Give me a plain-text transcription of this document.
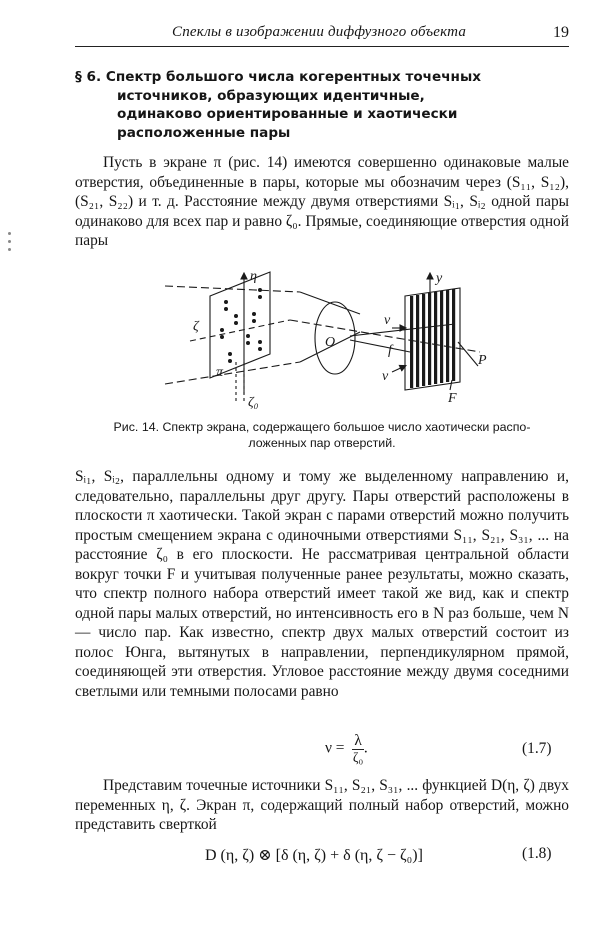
Спеклы в изображении диффузного объекта	19
§ 6. Спектр большого числа когерентных точечных

источников, образующих идентичные,
одинаково ориентированные и хаотически
расположенные пары
Пусть в экране π (рис. 14) имеются совершенно одинаковые малые отверстия, объединенные в пары, которые мы обозначим через (S₁₁, S₁₂), (S₂₁, S₂₂) и т. д. Расстояние между двумя отверстиями Sᵢ₁, Sᵢ₂ одной пары одинаково для всех пар и равно ζ₀. Прямые, соединяющие отверстия одной пары
η
ζ
π
ζ₀
O
f
ν
ν
y
P
F
Рис. 14. Спектр экрана, содержащего большое число хаотически распо-
ложенных пар отверстий.
Sᵢ₁, Sᵢ₂, параллельны одному и тому же выделенному направлению и, следовательно, параллельны друг другу. Пары отверстий расположены в плоскости π хаотически. Такой экран с парами отверстий можно получить простым смещением экрана с одиночными отверстиями S₁₁, S₂₁, S₃₁, ... на расстояние ζ₀ в его плоскости. Не рассматривая центральной области вокруг точки F и учитывая полученные ранее результаты, можно сказать, что спектр полного набора отверстий имеет такой же вид, как и спектр одной пары малых отверстий, но интенсивность его в N раз больше, чем N — число пар. Как известно, спектр двух малых отверстий состоит из полос Юнга, вытянутых в направлении, перпендикулярном прямой, соединяющей эти отверстия. Угловое расстояние между двумя соседними светлыми или темными полосами равно
$\nu = \frac{\lambda}{\text{ζ₀}}$ .	(1.7)
Представим точечные источники S₁₁, S₂₁, S₃₁, ... функцией D(η, ζ) двух переменных η, ζ. Экран π, содержащий полный набор отверстий, можно представить сверткой
D (η, ζ) ⊗ [δ (η, ζ) + δ (η, ζ − ζ₀)]	(1.8)
